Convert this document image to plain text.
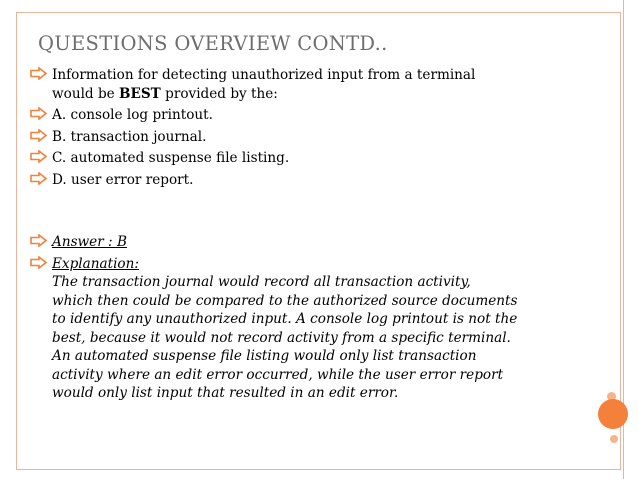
QUESTIONS OVERVIEW CONTD..
Information for detecting unauthorized input from a terminal
would be BEST provided by the:
A. console log printout.
B. transaction journal.
C. automated suspense file listing.
D. user error report.
Answer : B
Explanation:
The transaction journal would record all transaction activity,
which then could be compared to the authorized source documents
to identify any unauthorized input. A console log printout is not the
best, because it would not record activity from a specific terminal.
An automated suspense file listing would only list transaction
activity where an edit error occurred, while the user error report
would only list input that resulted in an edit error.
